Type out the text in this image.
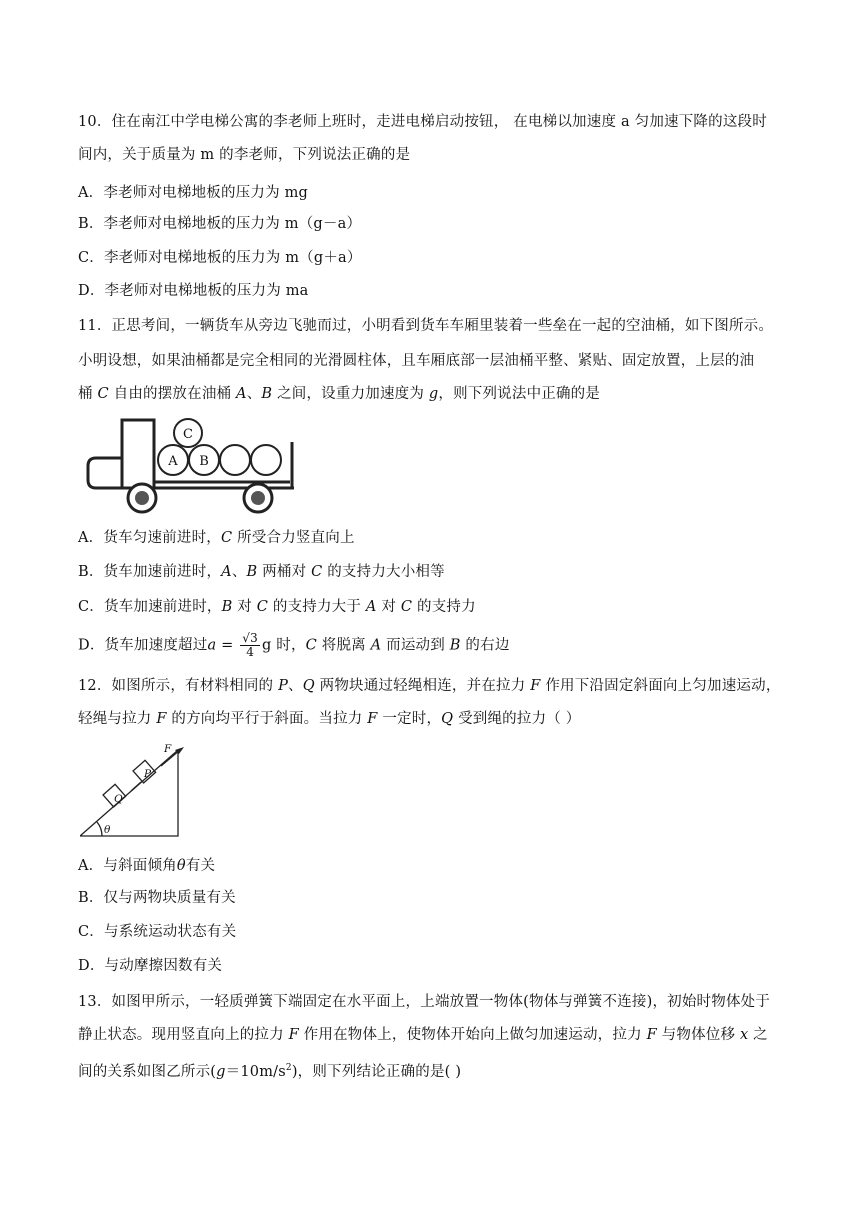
10．住在南江中学电梯公寓的李老师上班时，走进电梯启动按钮， 在电梯以加速度 a 匀加速下降的这段时
间内，关于质量为 m 的李老师，下列说法正确的是
A．李老师对电梯地板的压力为 mg
B．李老师对电梯地板的压力为 m（g－a）
C．李老师对电梯地板的压力为 m（g＋a）
D．李老师对电梯地板的压力为 ma
11．正思考间，一辆货车从旁边飞驰而过，小明看到货车车厢里装着一些垒在一起的空油桶，如下图所示。
小明设想，如果油桶都是完全相同的光滑圆柱体，且车厢底部一层油桶平整、紧贴、固定放置，上层的油
桶 C 自由的摆放在油桶 A、B 之间，设重力加速度为 g，则下列说法中正确的是
C
A B
A．货车匀速前进时，C 所受合力竖直向上
B．货车加速前进时，A、B 两桶对 C 的支持力大小相等
C．货车加速前进时，B 对 C 的支持力大于 A 对 C 的支持力
D．货车加速度超过$a = \frac{√3}{4}$ g 时，C 将脱离 A 而运动到 B 的右边
12．如图所示，有材料相同的 P、Q 两物块通过轻绳相连，并在拉力 F 作用下沿固定斜面向上匀加速运动，
轻绳与拉力 F 的方向均平行于斜面。当拉力 F 一定时，Q 受到绳的拉力（ ）
F
P
Q
θ
A．与斜面倾角θ有关
B．仅与两物块质量有关
C．与系统运动状态有关
D．与动摩擦因数有关
13．如图甲所示，一轻质弹簧下端固定在水平面上，上端放置一物体(物体与弹簧不连接)，初始时物体处于
静止状态。现用竖直向上的拉力 F 作用在物体上，使物体开始向上做匀加速运动，拉力 F 与物体位移 x 之
间的关系如图乙所示$(g=10m/s^2)$，则下列结论正确的是( )
